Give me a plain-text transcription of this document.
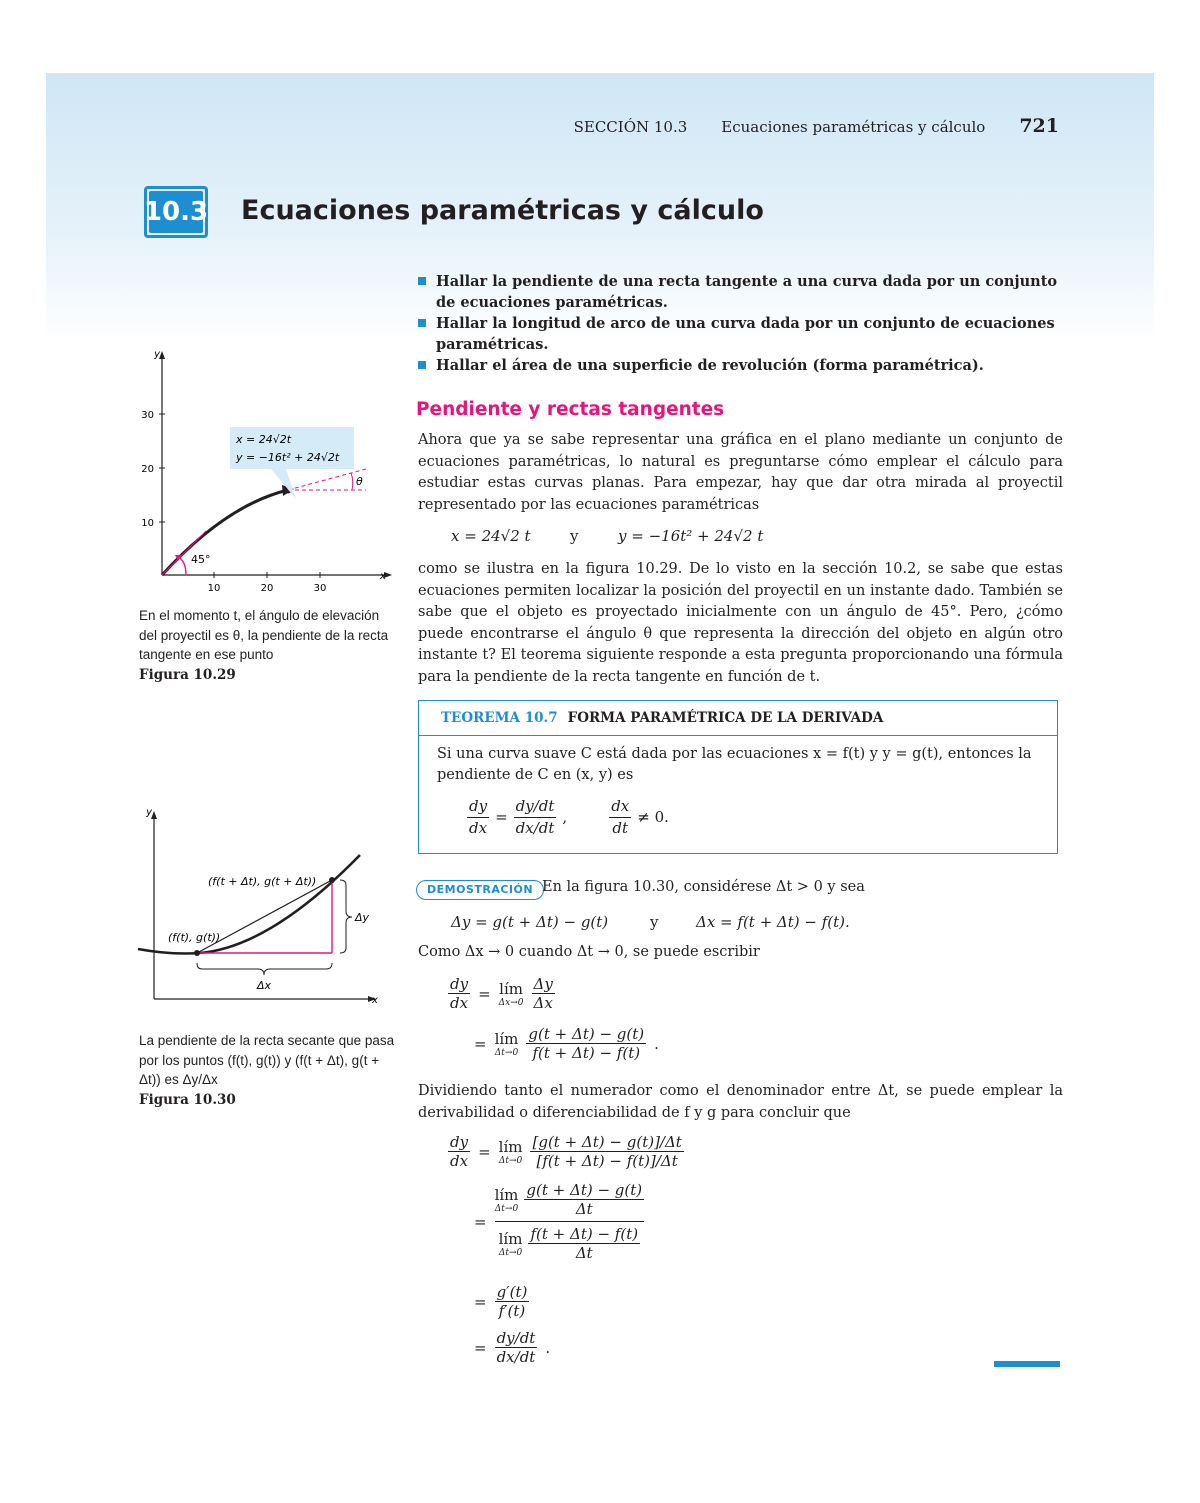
SECCIÓN 10.3 Ecuaciones paramétricas y cálculo 721
10.3 Ecuaciones paramétricas y cálculo
Hallar la pendiente de una recta tangente a una curva dada por un conjunto de ecuaciones paramétricas.
Hallar la longitud de arco de una curva dada por un conjunto de ecuaciones paramétricas.
Hallar el área de una superficie de revolución (forma paramétrica).
Pendiente y rectas tangentes
Ahora que ya se sabe representar una gráfica en el plano mediante un conjunto de ecuaciones paramétricas, lo natural es preguntarse cómo emplear el cálculo para estudiar estas curvas planas. Para empezar, hay que dar otra mirada al proyectil representado por las ecuaciones paramétricas
x = 24√2 t	y	y = −16t² + 24√2 t
como se ilustra en la figura 10.29. De lo visto en la sección 10.2, se sabe que estas ecuaciones permiten localizar la posición del proyectil en un instante dado. También se sabe que el objeto es proyectado inicialmente con un ángulo de 45°. Pero, ¿cómo puede encontrarse el ángulo θ que representa la dirección del objeto en algún otro instante t? El teorema siguiente responde a esta pregunta proporcionando una fórmula para la pendiente de la recta tangente en función de t.
TEOREMA 10.7 FORMA PARAMÉTRICA DE LA DERIVADA
Si una curva suave C está dada por las ecuaciones x = f(t) y y = g(t), entonces la pendiente de C en (x, y) es
$\frac{dy}{dx} = \frac{dy/dt}{dx/dt}$ ,	$\frac{dx}{dt} \ne 0$.
DEMOSTRACIÓN En la figura 10.30, considérese Δt > 0 y sea
Δy = g(t + Δt) − g(t)	y	Δx = f(t + Δt) − f(t).
Como Δx → 0 cuando Δt → 0, se puede escribir
$\frac{dy}{dx}$ = lím
$\Delta x\to 0 \frac{\Delta y}{\Delta x}$
= lím
$\Delta t\to 0 \frac{g(t + \Delta t) - g(t)}{f(t + \Delta t) - f(t)}$ .
Dividiendo tanto el numerador como el denominador entre Δt, se puede emplear la derivabilidad o diferenciabilidad de f y g para concluir que
$\frac{dy}{dx}$ = lím
$\Delta t\to 0 \frac{[g(t + \Delta t) - g(t)]/\Delta t}{[f(t + \Delta t) - f(t)]/\Delta t}$
=
lím
$\Delta t\to 0 \frac{g(t + \Delta t) - g(t)}{\Delta t}$
lím
$\Delta t\to 0 \frac{f(t + \Delta t) - f(t)}{\Delta t}$
= $\frac{g'(t)}{f'(t)}$
= $\frac{dy/dt}{dx/dt}$ .
y
x
10	20	30
10
20
30
θ
45°
x = 24√2t
y = −16t² + 24√2t
En el momento t, el ángulo de elevación del proyectil es θ, la pendiente de la recta tangente en ese punto
Figura 10.29
y
x
Δx
Δy
(f(t), g(t))
(f(t + Δt), g(t + Δt))
La pendiente de la recta secante que pasa por los puntos (f(t), g(t)) y (f(t + Δt), g(t + Δt)) es Δy/Δx
Figura 10.30
